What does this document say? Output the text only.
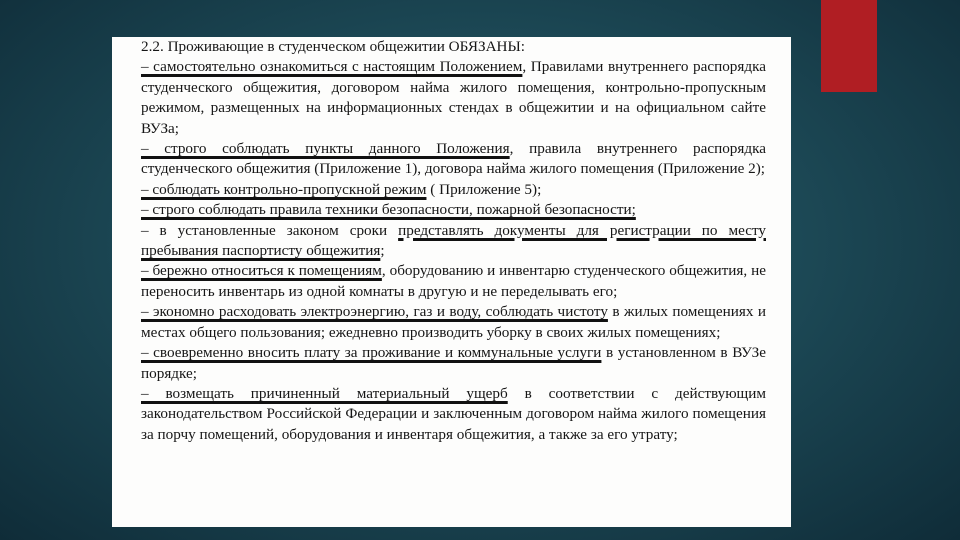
2.2. Проживающие в студенческом общежитии ОБЯЗАНЫ:

– самостоятельно ознакомиться с настоящим Положением, Правилами внутреннего распорядка студенческого общежития, договором найма жилого помещения, контрольно-пропускным режимом, размещенных на информационных стендах в общежитии и на официальном сайте ВУЗа;

– строго соблюдать пункты данного Положения, правила внутреннего распорядка студенческого общежития (Приложение 1), договора найма жилого помещения (Приложение 2);

– соблюдать контрольно-пропускной режим ( Приложение 5);

– строго соблюдать правила техники безопасности, пожарной безопасности;

– в установленные законом сроки представлять документы для регистрации по месту пребывания паспортисту общежития;

– бережно относиться к помещениям, оборудованию и инвентарю студенческого общежития, не переносить инвентарь из одной комнаты в другую и не переделывать его;

– экономно расходовать электроэнергию, газ и воду, соблюдать чистоту в жилых помещениях и местах общего пользования; ежедневно производить уборку в своих жилых помещениях;

– своевременно вносить плату за проживание и коммунальные услуги в установленном в ВУЗе порядке;

– возмещать причиненный материальный ущерб в соответствии с действующим законодательством Российской Федерации и заключенным договором найма жилого помещения за порчу помещений, оборудования и инвентаря общежития, а также за его утрату;
